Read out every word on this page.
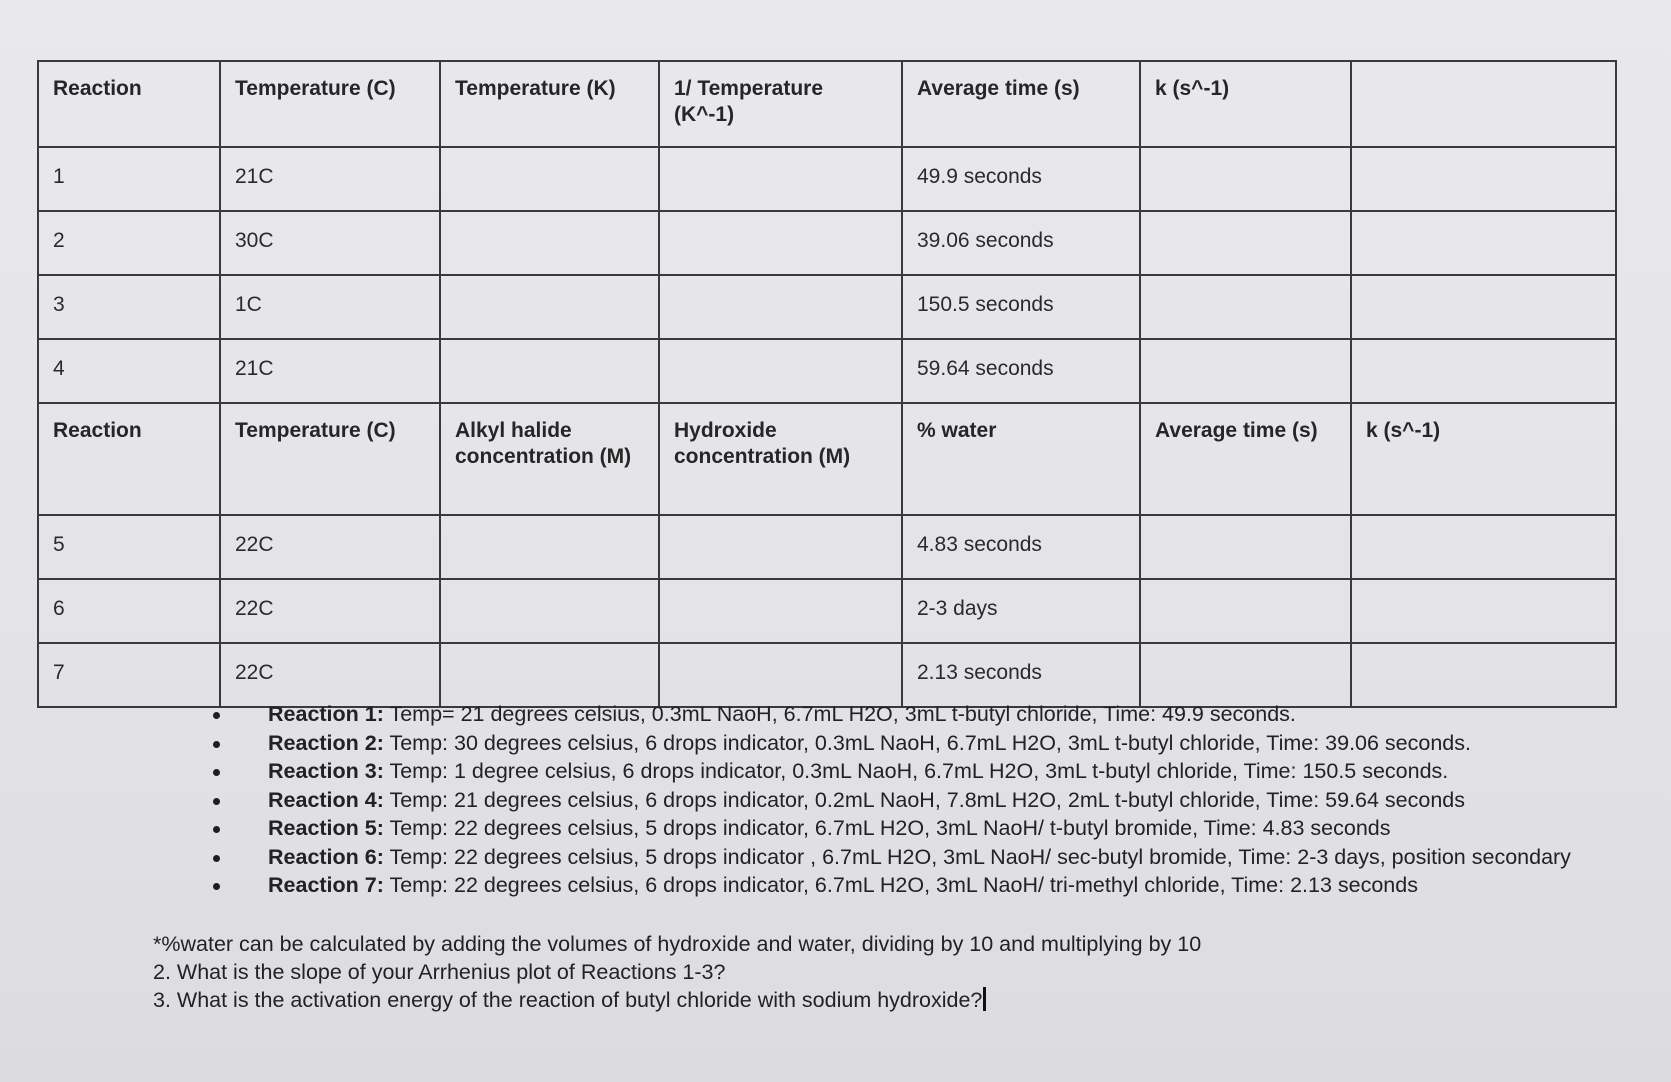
Reaction	Temperature (C)	Temperature (K)	1/ Temperature (K^-1)	Average time (s)	k (s^-1)	
1	21C			49.9 seconds		
2	30C			39.06 seconds		
3	1C			150.5 seconds		
4	21C			59.64 seconds		
Reaction	Temperature (C)	Alkyl halide concentration (M)	Hydroxide concentration (M)	% water	Average time (s)	k (s^-1)
5	22C			4.83 seconds		
6	22C			2-3 days		
7	22C			2.13 seconds		
Reaction 1: Temp= 21 degrees celsius, 0.3mL NaoH, 6.7mL H2O, 3mL t-butyl chloride, Time: 49.9 seconds.
Reaction 2: Temp: 30 degrees celsius, 6 drops indicator, 0.3mL NaoH, 6.7mL H2O, 3mL t-butyl chloride, Time: 39.06 seconds.
Reaction 3: Temp: 1 degree celsius, 6 drops indicator, 0.3mL NaoH, 6.7mL H2O, 3mL t-butyl chloride, Time: 150.5 seconds.
Reaction 4: Temp: 21 degrees celsius, 6 drops indicator, 0.2mL NaoH, 7.8mL H2O, 2mL t-butyl chloride, Time: 59.64 seconds
Reaction 5: Temp: 22 degrees celsius, 5 drops indicator, 6.7mL H2O, 3mL NaoH/ t-butyl bromide, Time: 4.83 seconds
Reaction 6: Temp: 22 degrees celsius, 5 drops indicator , 6.7mL H2O, 3mL NaoH/ sec-butyl bromide, Time: 2-3 days, position secondary
Reaction 7: Temp: 22 degrees celsius, 6 drops indicator, 6.7mL H2O, 3mL NaoH/ tri-methyl chloride, Time: 2.13 seconds
*%water can be calculated by adding the volumes of hydroxide and water, dividing by 10 and multiplying by 10
2. What is the slope of your Arrhenius plot of Reactions 1-3?
3. What is the activation energy of the reaction of butyl chloride with sodium hydroxide?
